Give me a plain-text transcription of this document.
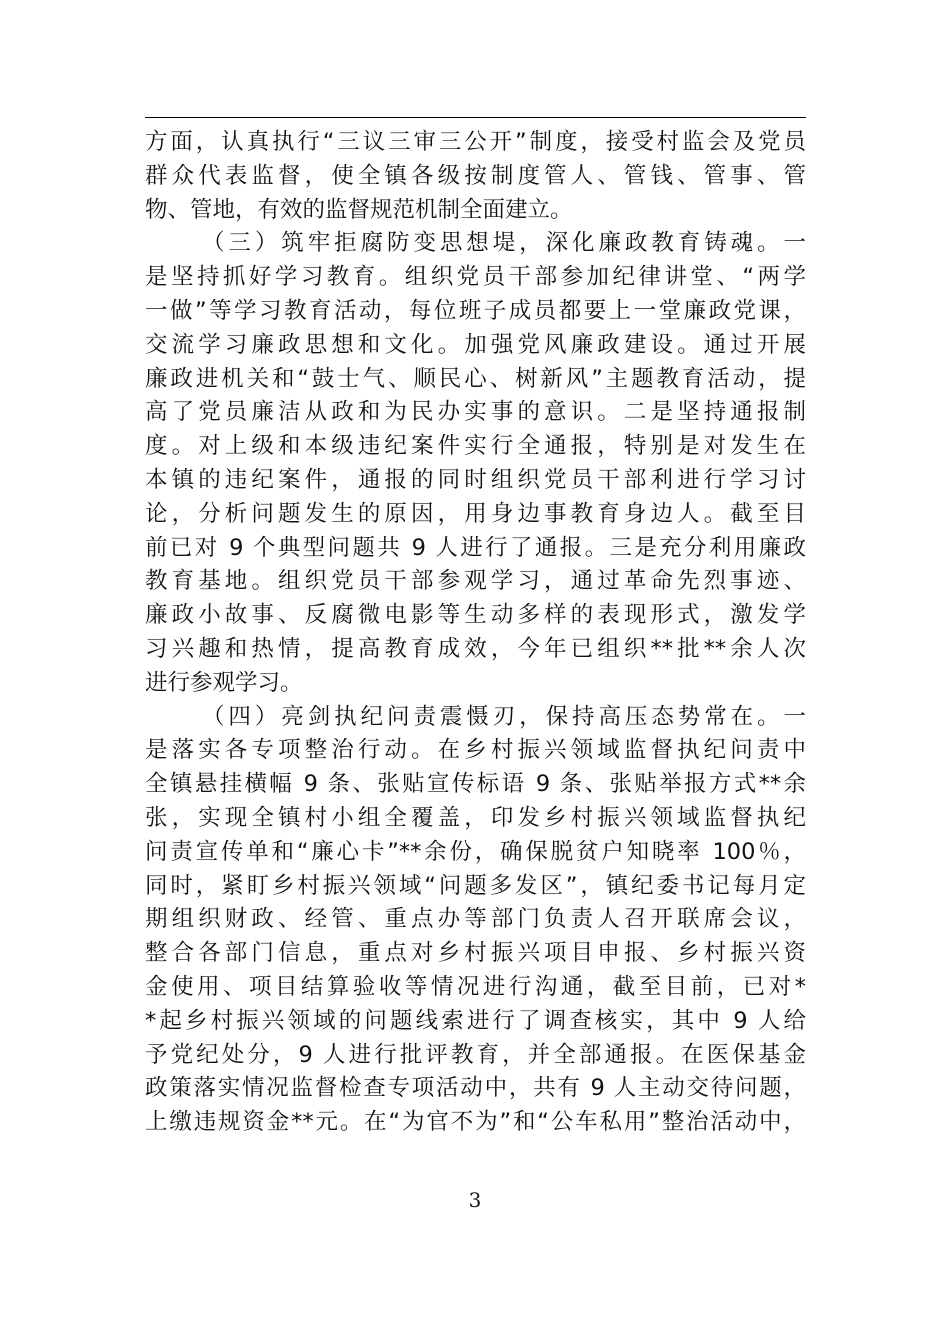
方面，认真执行“三议三审三公开”制度，接受村监会及党员
群众代表监督，使全镇各级按制度管人、管钱、管事、管
物、管地，有效的监督规范机制全面建立。
（三）筑牢拒腐防变思想堤，深化廉政教育铸魂。一
是坚持抓好学习教育。组织党员干部参加纪律讲堂、“两学
一做”等学习教育活动，每位班子成员都要上一堂廉政党课，
交流学习廉政思想和文化。加强党风廉政建设。通过开展
廉政进机关和“鼓士气、顺民心、树新风”主题教育活动，提
高了党员廉洁从政和为民办实事的意识。二是坚持通报制
度。对上级和本级违纪案件实行全通报，特别是对发生在
本镇的违纪案件，通报的同时组织党员干部利进行学习讨
论，分析问题发生的原因，用身边事教育身边人。截至目
前已对 9 个典型问题共 9 人进行了通报。三是充分利用廉政
教育基地。组织党员干部参观学习，通过革命先烈事迹、
廉政小故事、反腐微电影等生动多样的表现形式，激发学
习兴趣和热情，提高教育成效，今年已组织**批**余人次
进行参观学习。
（四）亮剑执纪问责震慑刃，保持高压态势常在。一
是落实各专项整治行动。在乡村振兴领域监督执纪问责中
全镇悬挂横幅 9 条、张贴宣传标语 9 条、张贴举报方式**余
张，实现全镇村小组全覆盖，印发乡村振兴领域监督执纪
问责宣传单和“廉心卡”**余份，确保脱贫户知晓率 100％，
同时，紧盯乡村振兴领域“问题多发区”，镇纪委书记每月定
期组织财政、经管、重点办等部门负责人召开联席会议，
整合各部门信息，重点对乡村振兴项目申报、乡村振兴资
金使用、项目结算验收等情况进行沟通，截至目前，已对*
*起乡村振兴领域的问题线索进行了调查核实，其中 9 人给
予党纪处分，9 人进行批评教育，并全部通报。在医保基金
政策落实情况监督检查专项活动中，共有 9 人主动交待问题，
上缴违规资金**元。在“为官不为”和“公车私用”整治活动中，
3
